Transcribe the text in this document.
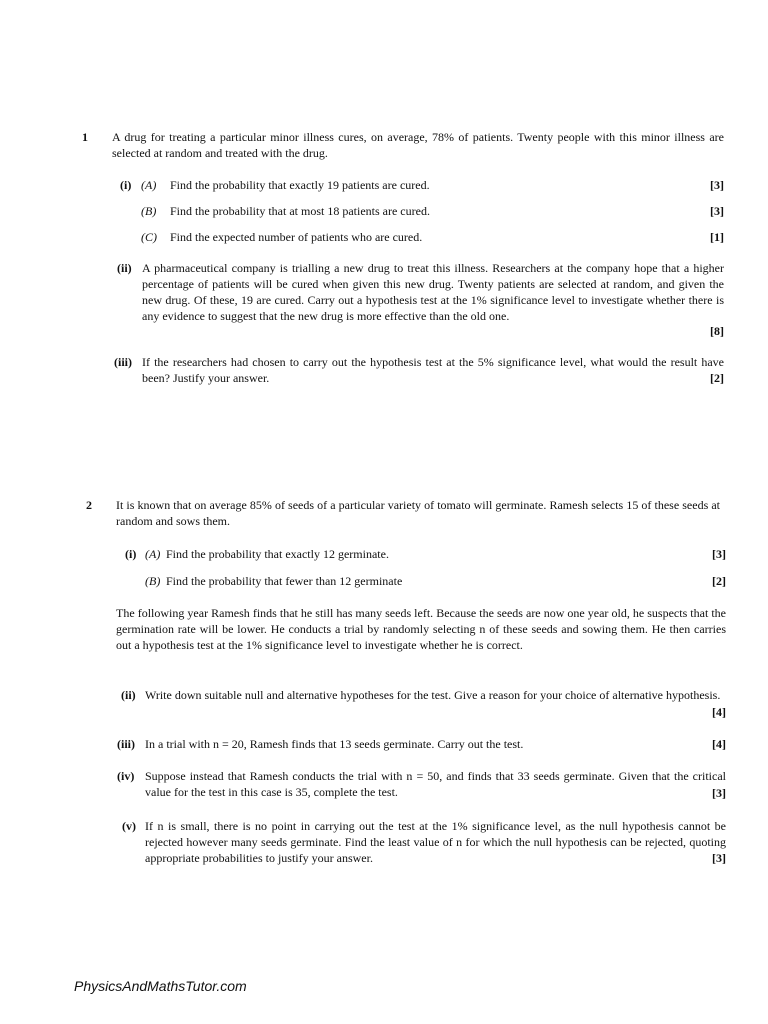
1 A drug for treating a particular minor illness cures, on average, 78% of patients. Twenty people with this minor illness are selected at random and treated with the drug.
(i) (A) Find the probability that exactly 19 patients are cured.	[3]
(B) Find the probability that at most 18 patients are cured.	[3]
(C) Find the expected number of patients who are cured.	[1]
(ii) A pharmaceutical company is trialling a new drug to treat this illness. Researchers at the company hope that a higher percentage of patients will be cured when given this new drug. Twenty patients are selected at random, and given the new drug. Of these, 19 are cured. Carry out a hypothesis test at the 1% significance level to investigate whether there is any evidence to suggest that the new drug is more effective than the old one.
[8]
(iii) If the researchers had chosen to carry out the hypothesis test at the 5% significance level, what would the result have been? Justify your answer.	[2]
2 It is known that on average 85% of seeds of a particular variety of tomato will germinate. Ramesh selects 15 of these seeds at random and sows them.
(i) (A) Find the probability that exactly 12 germinate.	[3]
(B) Find the probability that fewer than 12 germinate	[2]
The following year Ramesh finds that he still has many seeds left. Because the seeds are now one year old, he suspects that the germination rate will be lower. He conducts a trial by randomly selecting n of these seeds and sowing them. He then carries out a hypothesis test at the 1% significance level to investigate whether he is correct.
(ii) Write down suitable null and alternative hypotheses for the test. Give a reason for your choice of alternative hypothesis.
[4]
(iii) In a trial with n = 20, Ramesh finds that 13 seeds germinate. Carry out the test.	[4]
(iv) Suppose instead that Ramesh conducts the trial with n = 50, and finds that 33 seeds germinate. Given that the critical value for the test in this case is 35, complete the test.	[3]
(v) If n is small, there is no point in carrying out the test at the 1% significance level, as the null hypothesis cannot be rejected however many seeds germinate. Find the least value of n for which the null hypothesis can be rejected, quoting appropriate probabilities to justify your answer.	[3]
PhysicsAndMathsTutor.com
